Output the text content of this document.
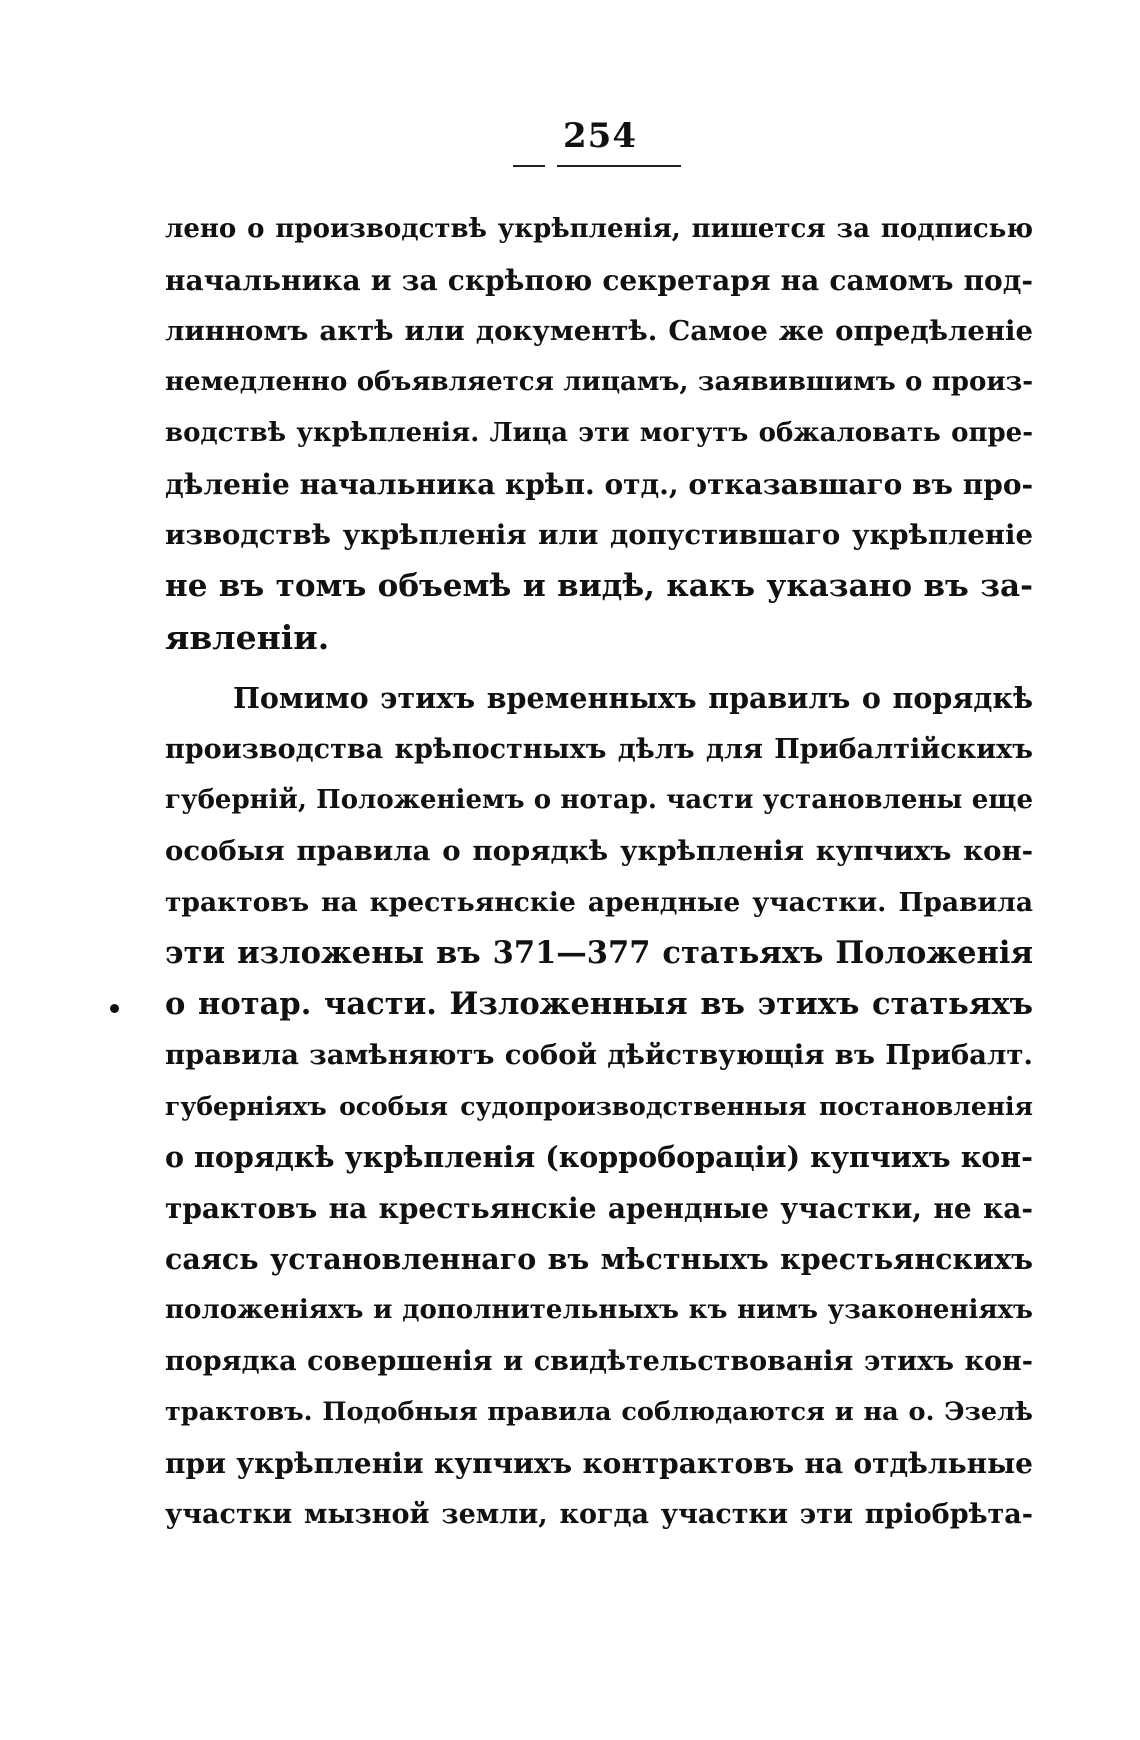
254
лено о производствѣ укрѣпленія, пишется за подписью
начальника и за скрѣпою секретаря на самомъ под-
линномъ актѣ или документѣ. Самое же опредѣленіе
немедленно объявляется лицамъ, заявившимъ о произ-
водствѣ укрѣпленія. Лица эти могутъ обжаловать опре-
дѣленіе начальника крѣп. отд., отказавшаго въ про-
изводствѣ укрѣпленія или допустившаго укрѣпленіе
не въ томъ объемѣ и видѣ, какъ указано въ за-
явленіи.
Помимо этихъ временныхъ правилъ о порядкѣ
производства крѣпостныхъ дѣлъ для Прибалтійскихъ
губерній, Положеніемъ о нотар. части установлены еще
особыя правила о порядкѣ укрѣпленія купчихъ кон-
трактовъ на крестьянскіе арендные участки. Правила
эти изложены въ 371—377 статьяхъ Положенія
о нотар. части. Изложенныя въ этихъ статьяхъ
правила замѣняютъ собой дѣйствующія въ Прибалт.
губерніяхъ особыя судопроизводственныя постановленія
о порядкѣ укрѣпленія (корроборацiи) купчихъ кон-
трактовъ на крестьянскіе арендные участки, не ка-
саясь установленнаго въ мѣстныхъ крестьянскихъ
положеніяхъ и дополнительныхъ къ нимъ узаконеніяхъ
порядка совершенія и свидѣтельствованія этихъ кон-
трактовъ. Подобныя правила соблюдаются и на о. Эзелѣ
при укрѣпленіи купчихъ контрактовъ на отдѣльные
участки мызной земли, когда участки эти пріобрѣта-
